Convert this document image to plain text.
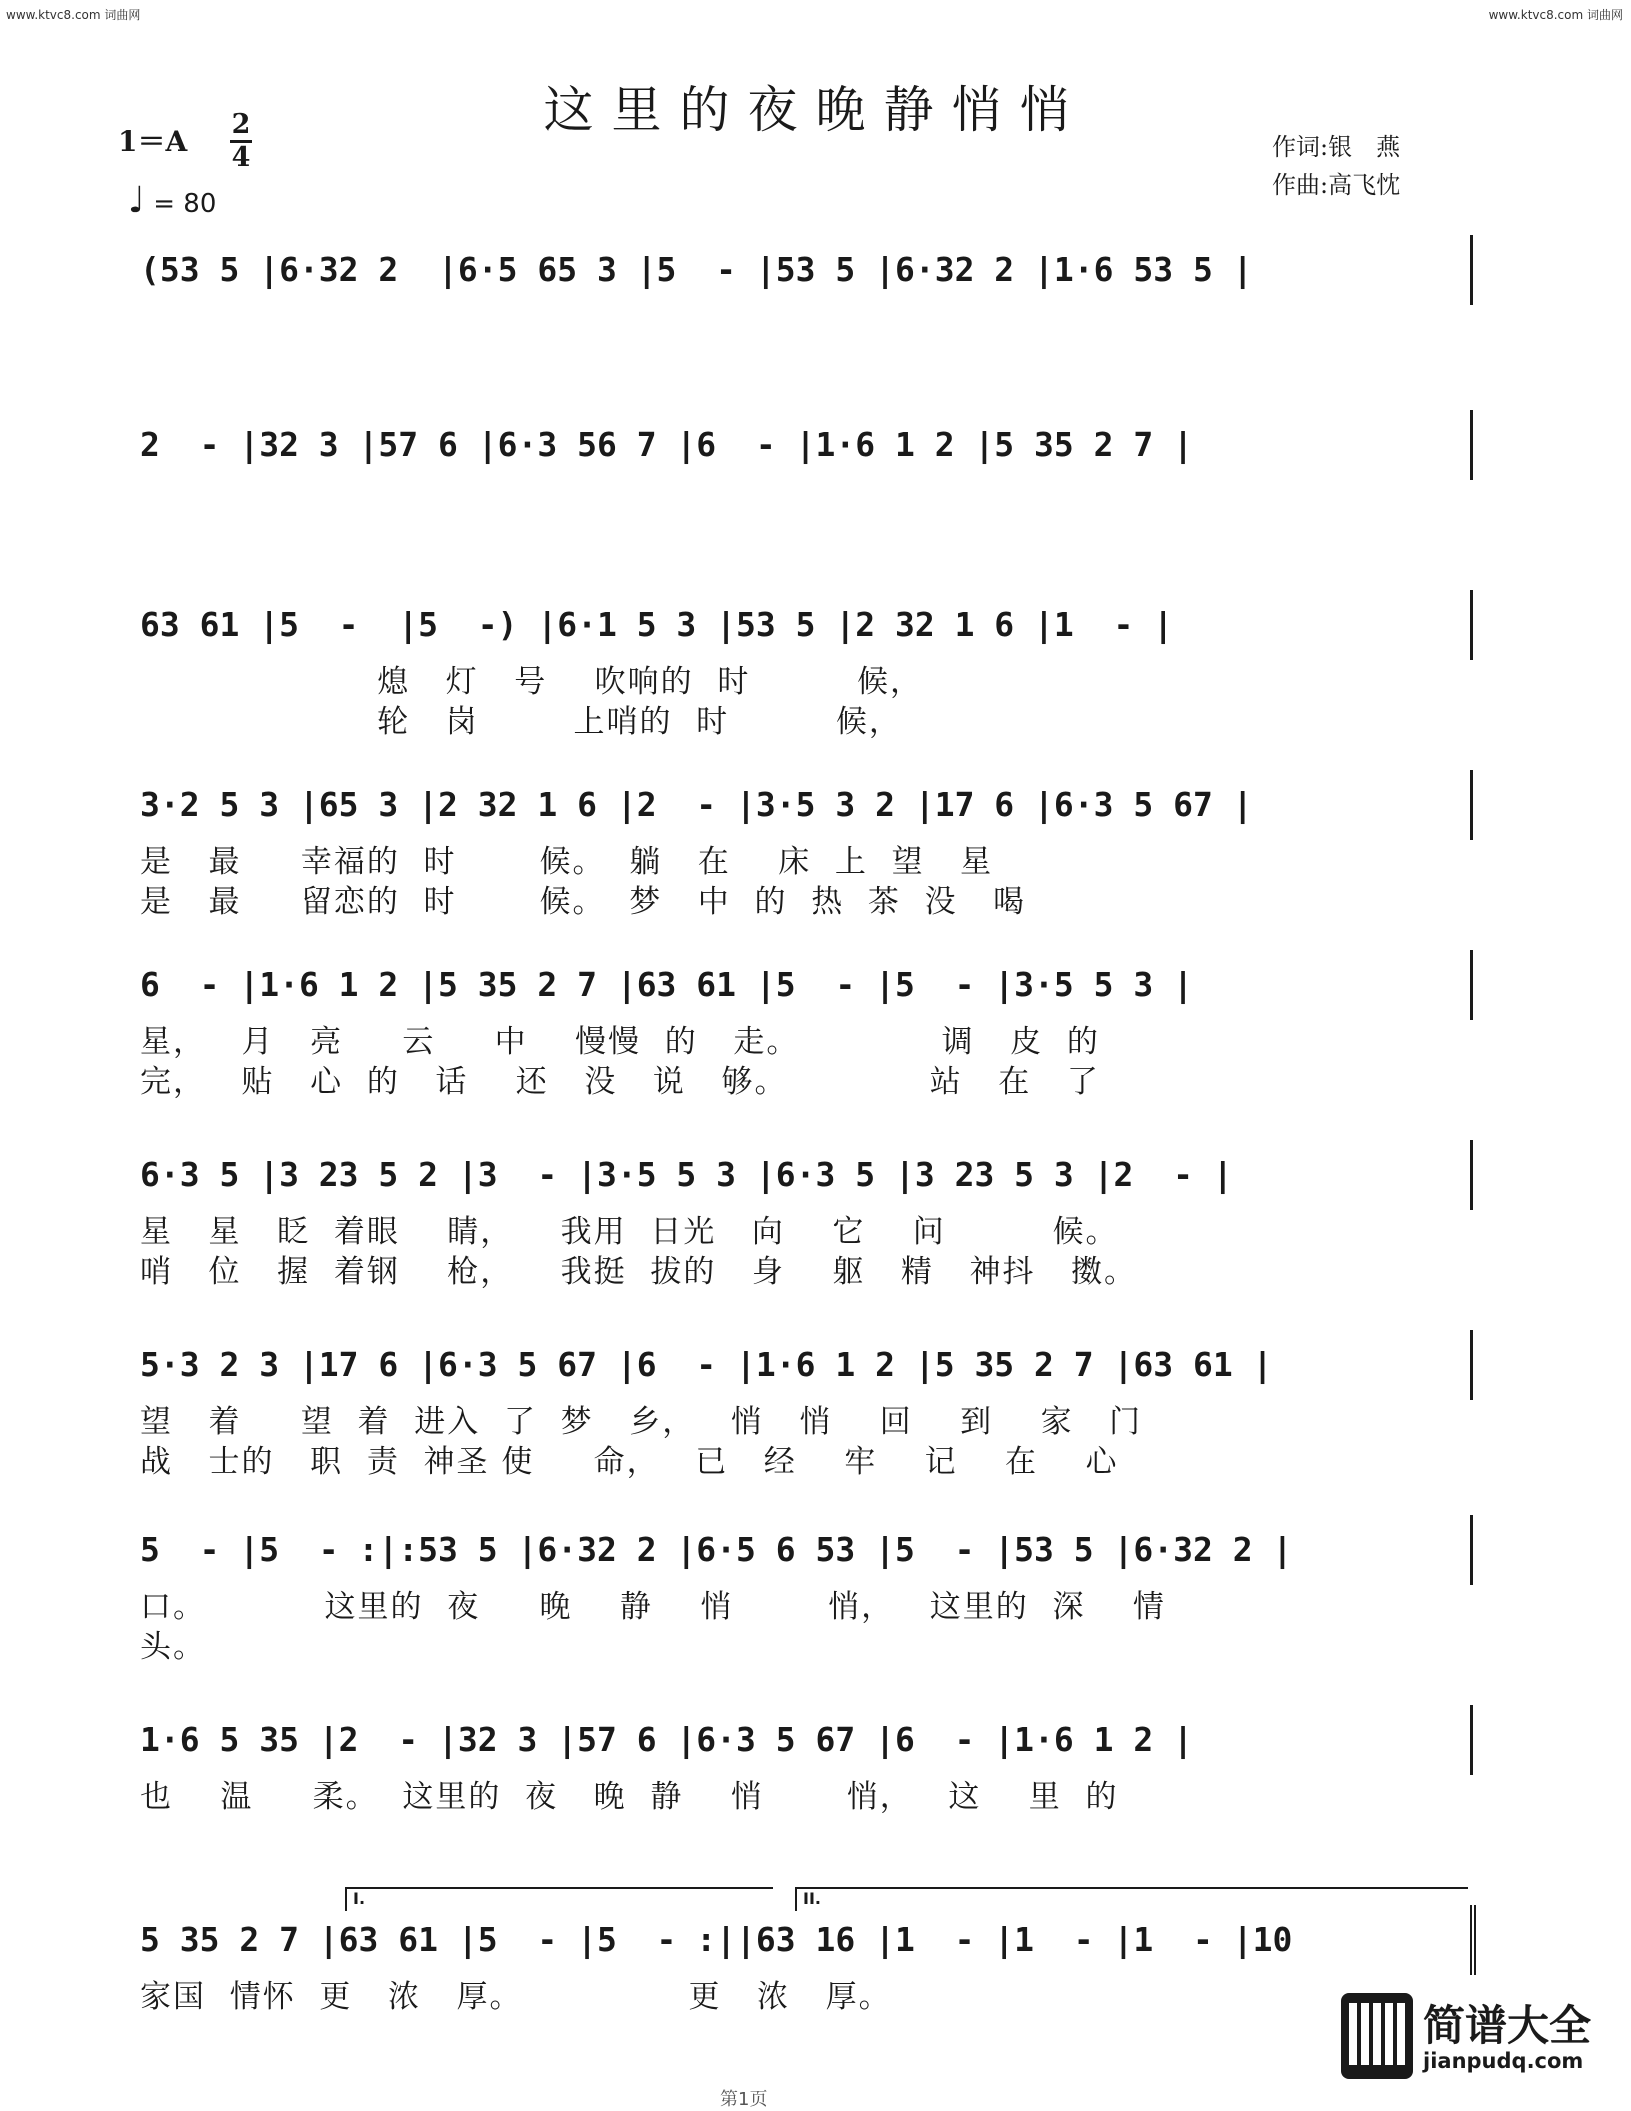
www.ktvc8.com 词曲网	www.ktvc8.com 词曲网
这里的夜晚静悄悄
1＝A
2
4
♩ = 80
作词:银　燕
作曲:高飞忱
(53 5 |6·32 2  |6·5 65 3 |5  - |53 5 |6·32 2 |1·6 53 5 |
2  - |32 3 |57 6 |6·3 56 7 |6  - |1·6 1 2 |5 35 2 7 |
63 61 |5  -  |5  -) |6·1 5 3 |53 5 |2 32 1 6 |1  - |
熄   灯   号    吹响的  时         候，
轮   岗        上哨的  时         候，
3·2 5 3 |65 3 |2 32 1 6 |2  - |3·5 3 2 |17 6 |6·3 5 67 |
是   最     幸福的  时       候。  躺   在    床  上  望   星
是   最     留恋的  时       候。  梦   中  的  热  茶  没   喝
6  - |1·6 1 2 |5 35 2 7 |63 61 |5  - |5  - |3·5 5 3 |
星，   月   亮     云     中    慢慢  的   走。            调   皮  的
完，   贴   心  的   话    还   没   说   够。            站   在   了
6·3 5 |3 23 5 2 |3  - |3·5 5 3 |6·3 5 |3 23 5 3 |2  - |
星   星   眨  着眼    睛，    我用  日光   向    它    问         候。
哨   位   握  着钢    枪，    我挺  拔的   身    躯   精   神抖   擞。
5·3 2 3 |17 6 |6·3 5 67 |6  - |1·6 1 2 |5 35 2 7 |63 61 |
望   着     望  着  进入  了  梦   乡，   悄   悄    回    到    家   门
战   士的   职  责  神圣 使     命，   已   经    牢    记    在    心
5  - |5  - :|:53 5 |6·32 2 |6·5 6 53 |5  - |53 5 |6·32 2 |
口。          这里的  夜     晚    静    悄        悄，   这里的  深    情
头。
1·6 5 35 |2  - |32 3 |57 6 |6·3 5 67 |6  - |1·6 1 2 |
也    温     柔。  这里的  夜   晚  静    悄       悄，   这    里  的
I.	II.
5 35 2 7 |63 61 |5  - |5  - :||63 16 |1  - |1  - |1  - |10
家国  情怀  更   浓   厚。              更   浓   厚。
简谱大全
jianpudq.com
第1页
